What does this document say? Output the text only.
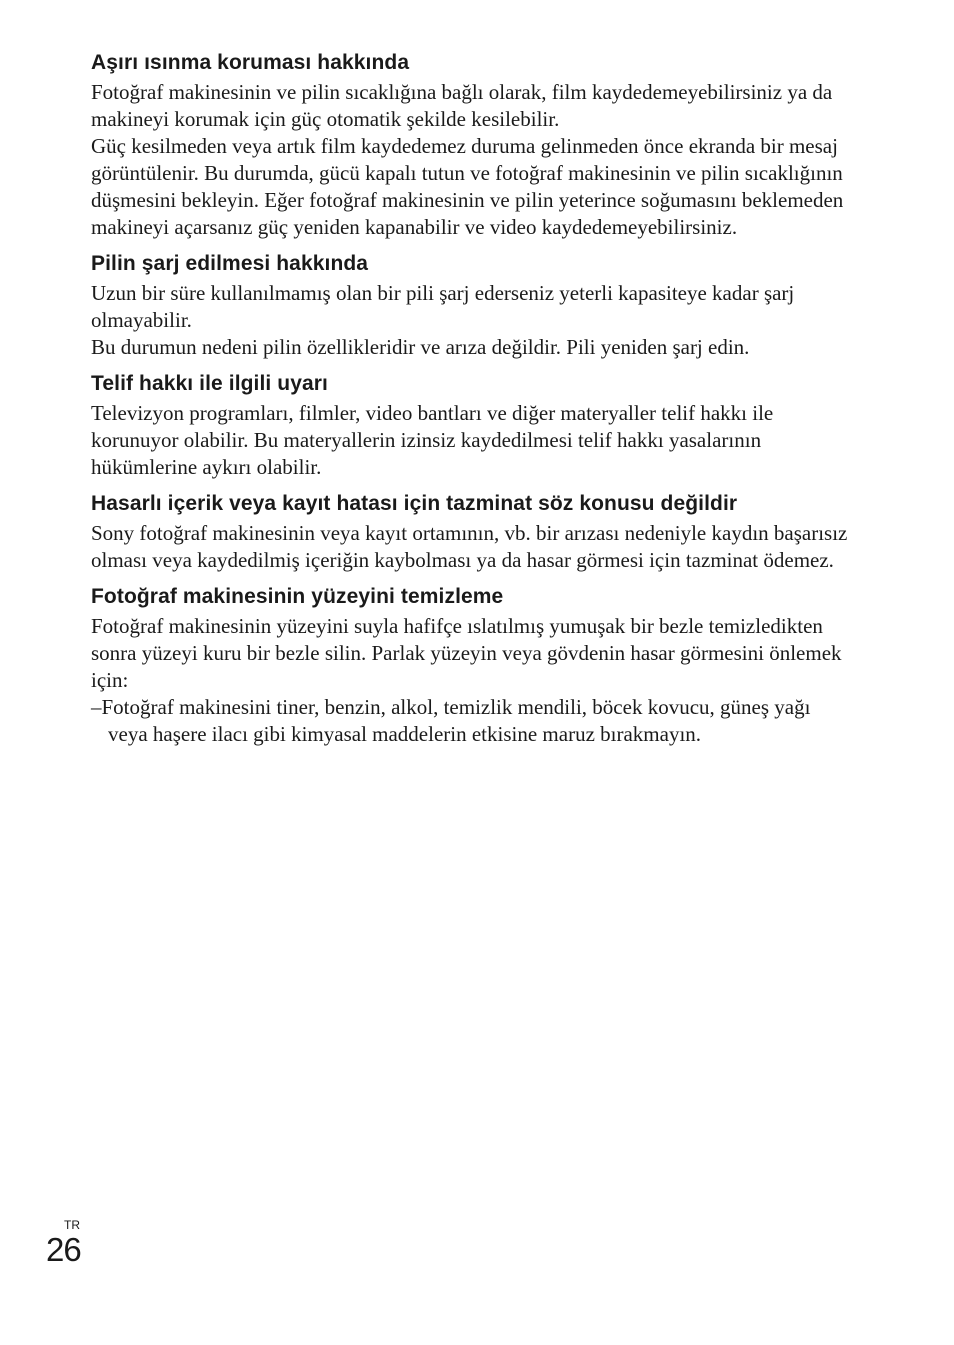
Aşırı ısınma koruması hakkında

Fotoğraf makinesinin ve pilin sıcaklığına bağlı olarak, film kaydedemeyebilirsiniz ya da makineyi korumak için güç otomatik şekilde kesilebilir.

Güç kesilmeden veya artık film kaydedemez duruma gelinmeden önce ekranda bir mesaj görüntülenir. Bu durumda, gücü kapalı tutun ve fotoğraf makinesinin ve pilin sıcaklığının düşmesini bekleyin. Eğer fotoğraf makinesinin ve pilin yeterince soğumasını beklemeden makineyi açarsanız güç yeniden kapanabilir ve video kaydedemeyebilirsiniz.

Pilin şarj edilmesi hakkında

Uzun bir süre kullanılmamış olan bir pili şarj ederseniz yeterli kapasiteye kadar şarj olmayabilir.

Bu durumun nedeni pilin özellikleridir ve arıza değildir. Pili yeniden şarj edin.

Telif hakkı ile ilgili uyarı

Televizyon programları, filmler, video bantları ve diğer materyaller telif hakkı ile korunuyor olabilir. Bu materyallerin izinsiz kaydedilmesi telif hakkı yasalarının hükümlerine aykırı olabilir.

Hasarlı içerik veya kayıt hatası için tazminat söz konusu değildir

Sony fotoğraf makinesinin veya kayıt ortamının, vb. bir arızası nedeniyle kaydın başarısız olması veya kaydedilmiş içeriğin kaybolması ya da hasar görmesi için tazminat ödemez.

Fotoğraf makinesinin yüzeyini temizleme

Fotoğraf makinesinin yüzeyini suyla hafifçe ıslatılmış yumuşak bir bezle temizledikten sonra yüzeyi kuru bir bezle silin. Parlak yüzeyin veya gövdenin hasar görmesini önlemek için:

–Fotoğraf makinesini tiner, benzin, alkol, temizlik mendili, böcek kovucu, güneş yağı veya haşere ilacı gibi kimyasal maddelerin etkisine maruz bırakmayın.

TR
26
